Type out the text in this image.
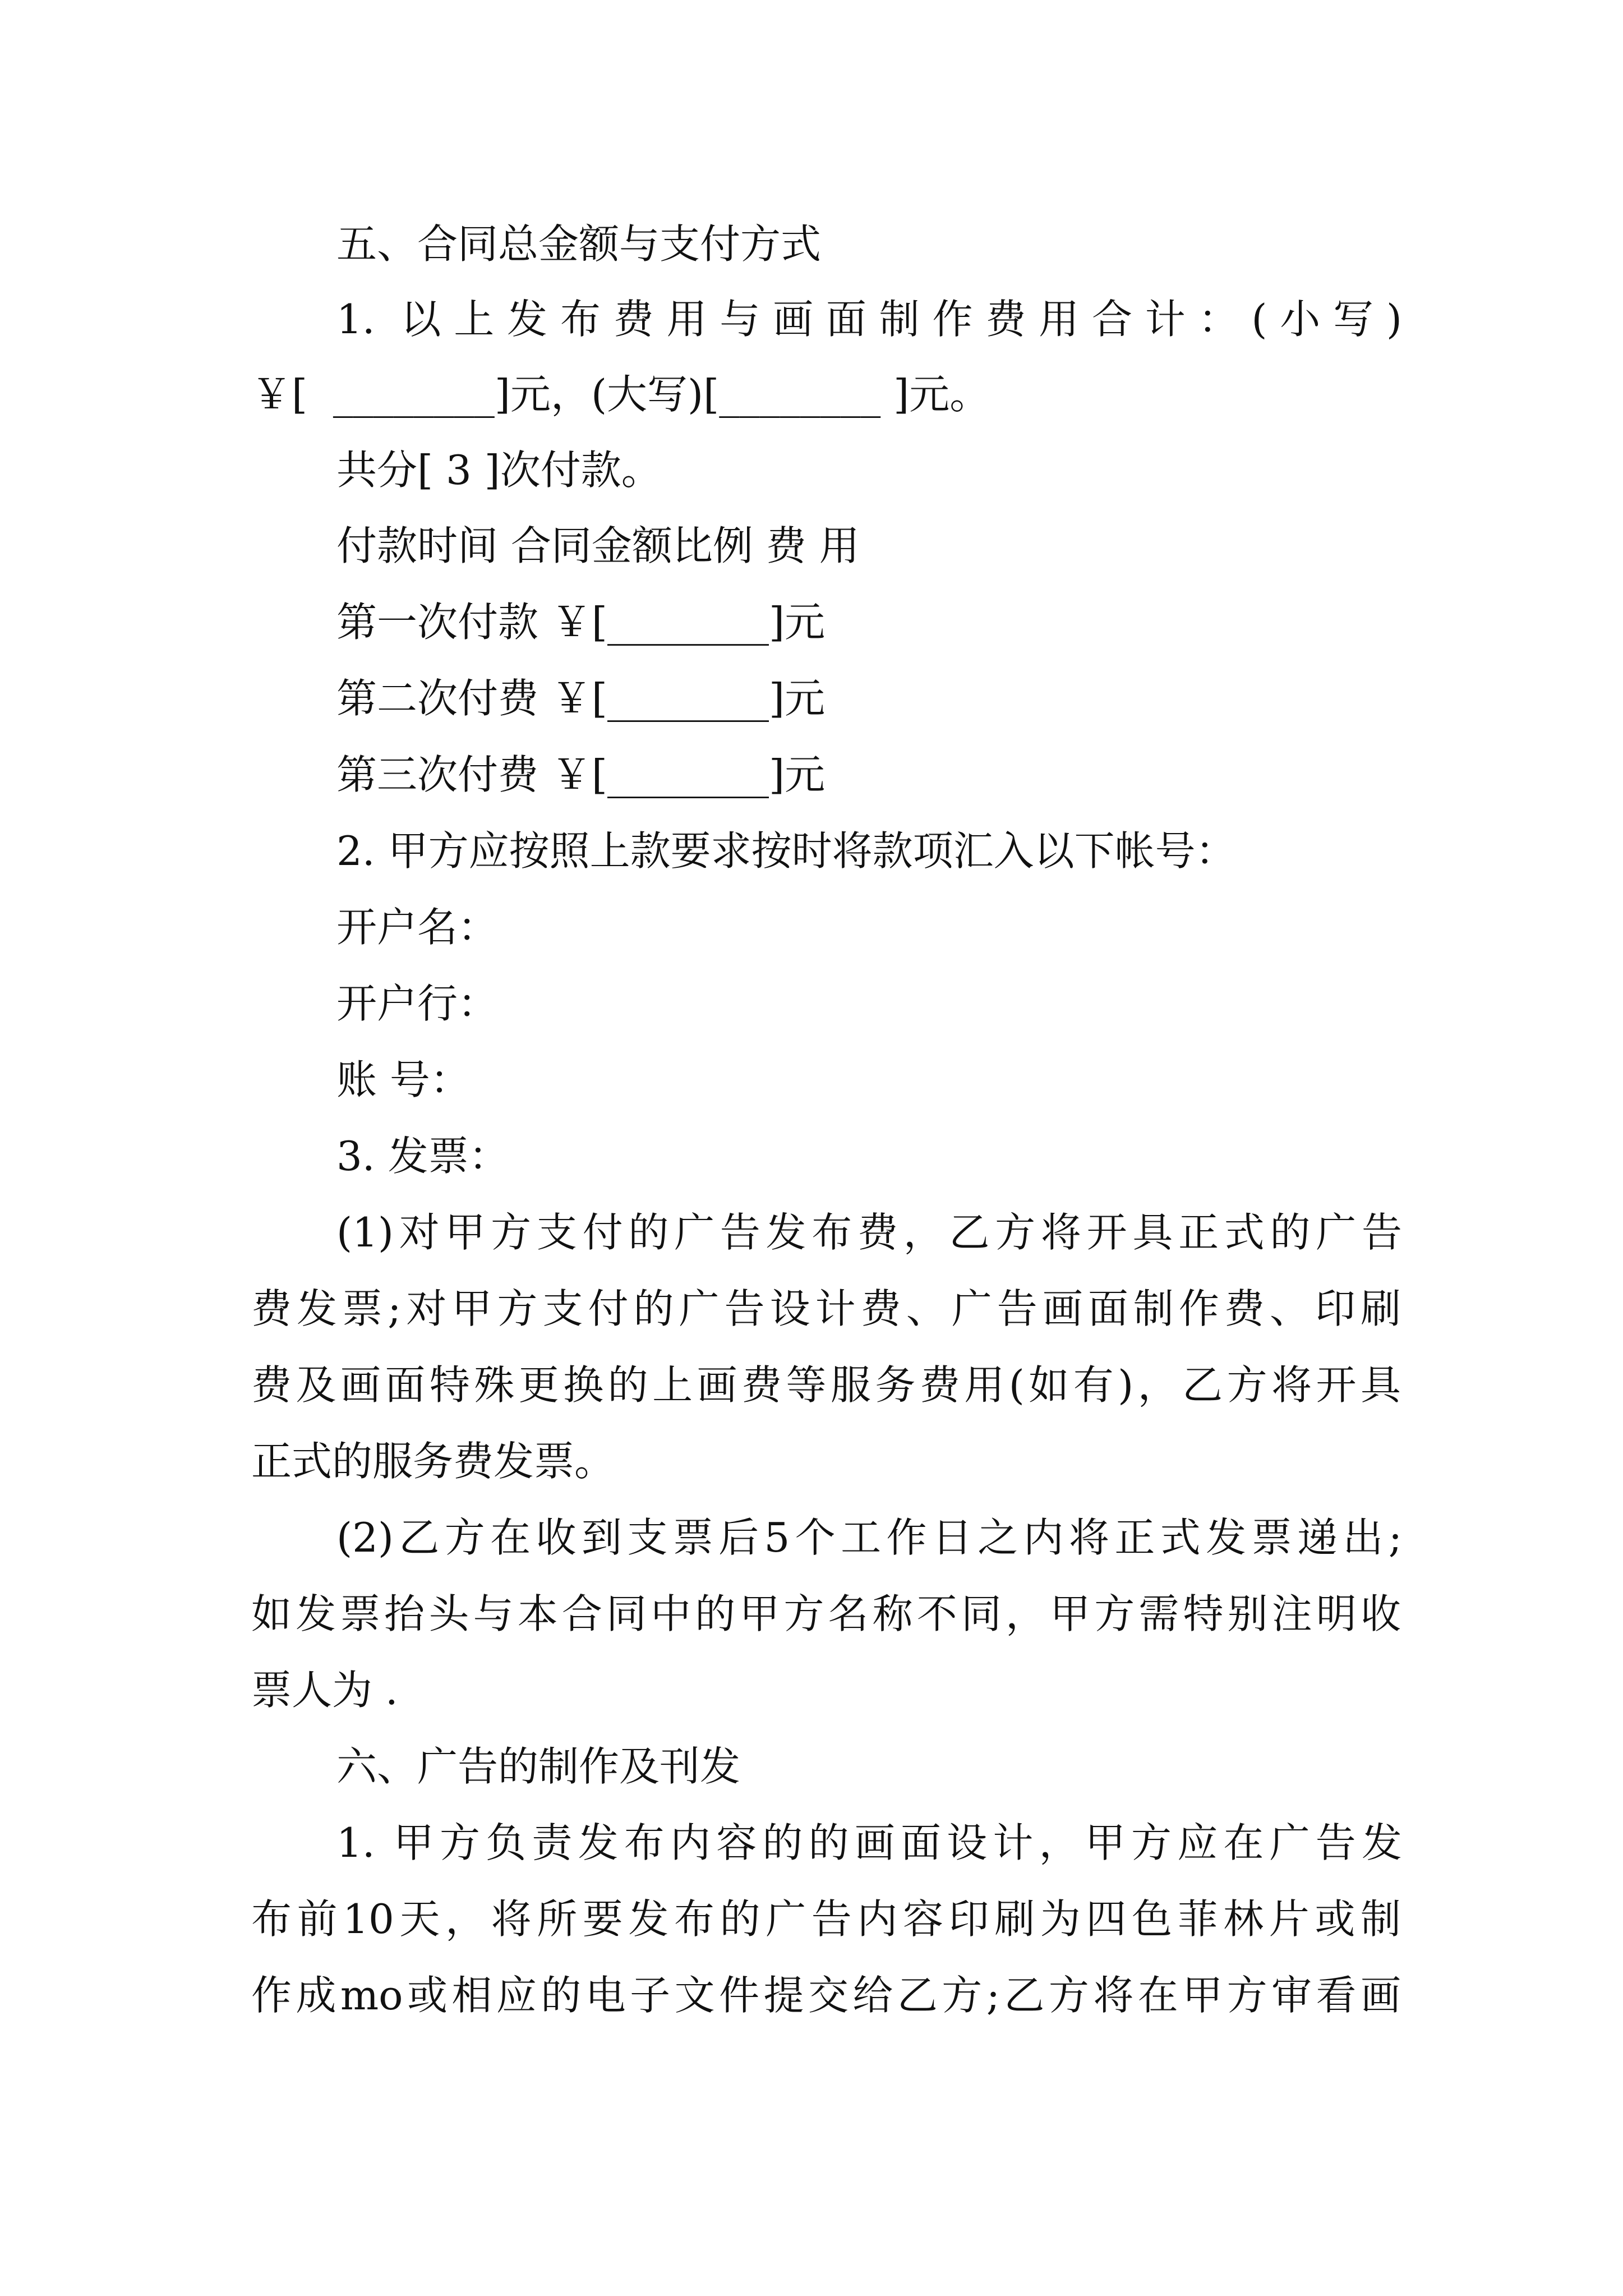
五、合同总金额与支付方式
1. 以上发布费用与画面制作费用合计：(小写)
￥[  ________]元，(大写)[________ ]元。
共分[ 3 ]次付款。
付款时间 合同金额比例 费 用
第一次付款 ￥[________]元
第二次付费 ￥[________]元
第三次付费 ￥[________]元
2. 甲方应按照上款要求按时将款项汇入以下帐号：
开户名：
开户行：
账 号：
3. 发票：
(1)对甲方支付的广告发布费，乙方将开具正式的广告
费发票;对甲方支付的广告设计费、广告画面制作费、印刷
费及画面特殊更换的上画费等服务费用(如有)，乙方将开具
正式的服务费发票。
(2)乙方在收到支票后5个工作日之内将正式发票递出;
如发票抬头与本合同中的甲方名称不同，甲方需特别注明收
票人为 .
六、广告的制作及刊发
1. 甲方负责发布内容的的画面设计，甲方应在广告发
布前10天，将所要发布的广告内容印刷为四色菲林片或制
作成mo或相应的电子文件提交给乙方;乙方将在甲方审看画
